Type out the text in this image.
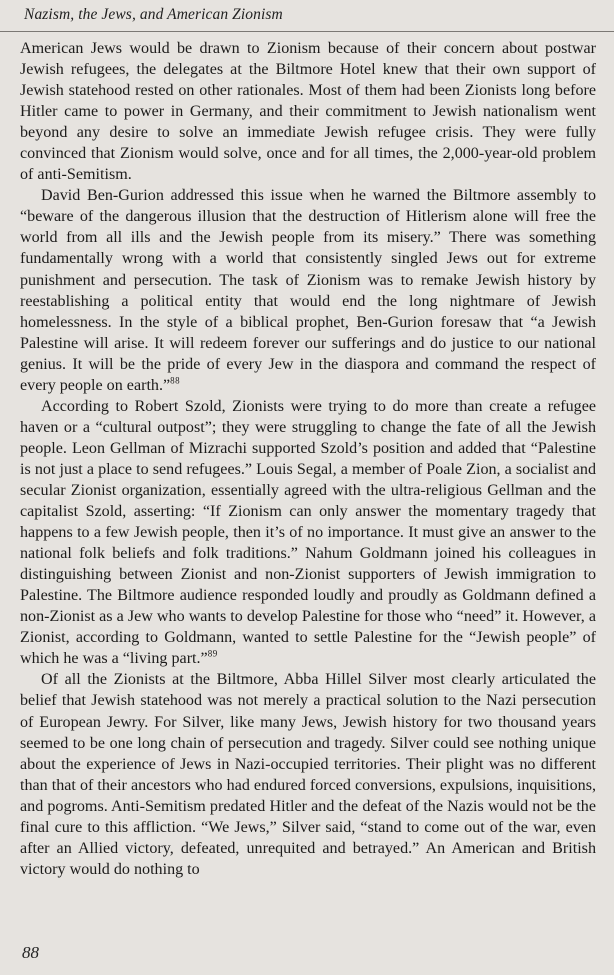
Nazism, the Jews, and American Zionism

American Jews would be drawn to Zionism because of their concern about postwar Jewish refugees, the delegates at the Biltmore Hotel knew that their own support of Jewish statehood rested on other rationales. Most of them had been Zionists long before Hitler came to power in Germany, and their commitment to Jewish nationalism went beyond any desire to solve an immediate Jewish refugee crisis. They were fully convinced that Zionism would solve, once and for all times, the 2,000-year-old problem of anti-Semitism.

David Ben-Gurion addressed this issue when he warned the Biltmore assembly to “beware of the dangerous illusion that the destruction of Hitlerism alone will free the world from all ills and the Jewish people from its misery.” There was something fundamentally wrong with a world that consistently singled Jews out for extreme punishment and persecution. The task of Zionism was to remake Jewish history by reestablishing a political entity that would end the long nightmare of Jewish homelessness. In the style of a biblical prophet, Ben-Gurion foresaw that “a Jewish Palestine will arise. It will redeem forever our sufferings and do justice to our national genius. It will be the pride of every Jew in the diaspora and command the respect of every people on earth.”$^{88}$

According to Robert Szold, Zionists were trying to do more than create a refugee haven or a “cultural outpost”; they were struggling to change the fate of all the Jewish people. Leon Gellman of Mizrachi supported Szold’s position and added that “Palestine is not just a place to send refugees.” Louis Segal, a member of Poale Zion, a socialist and secular Zionist organization, essentially agreed with the ultra-religious Gellman and the capitalist Szold, asserting: “If Zionism can only answer the momentary tragedy that happens to a few Jewish people, then it’s of no importance. It must give an answer to the national folk beliefs and folk traditions.” Nahum Goldmann joined his colleagues in distinguishing between Zionist and non-Zionist supporters of Jewish immigration to Palestine. The Biltmore audience responded loudly and proudly as Goldmann defined a non-Zionist as a Jew who wants to develop Palestine for those who “need” it. However, a Zionist, according to Goldmann, wanted to settle Palestine for the “Jewish people” of which he was a “living part.”$^{89}$

Of all the Zionists at the Biltmore, Abba Hillel Silver most clearly articulated the belief that Jewish statehood was not merely a practical solution to the Nazi persecution of European Jewry. For Silver, like many Jews, Jewish history for two thousand years seemed to be one long chain of persecution and tragedy. Silver could see nothing unique about the experience of Jews in Nazi-occupied territories. Their plight was no different than that of their ancestors who had endured forced conversions, expulsions, inquisitions, and pogroms. Anti-Semitism predated Hitler and the defeat of the Nazis would not be the final cure to this affliction. “We Jews,” Silver said, “stand to come out of the war, even after an Allied victory, defeated, unrequited and betrayed.” An American and British victory would do nothing to

88
